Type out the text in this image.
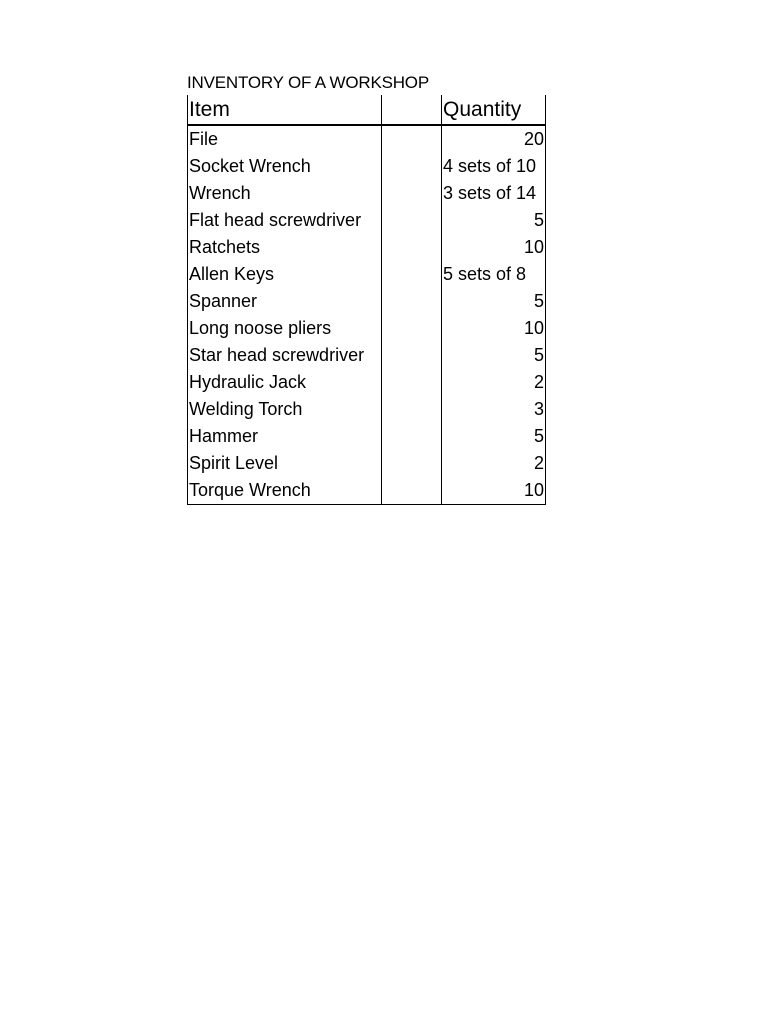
INVENTORY OF A WORKSHOP
Item		Quantity
File		20
Socket Wrench		4 sets of 10
Wrench		3 sets of 14
Flat head screwdriver		5
Ratchets		10
Allen Keys		5 sets of 8
Spanner		5
Long noose pliers		10
Star head screwdriver		5
Hydraulic Jack		2
Welding Torch		3
Hammer		5
Spirit Level		2
Torque Wrench		10
